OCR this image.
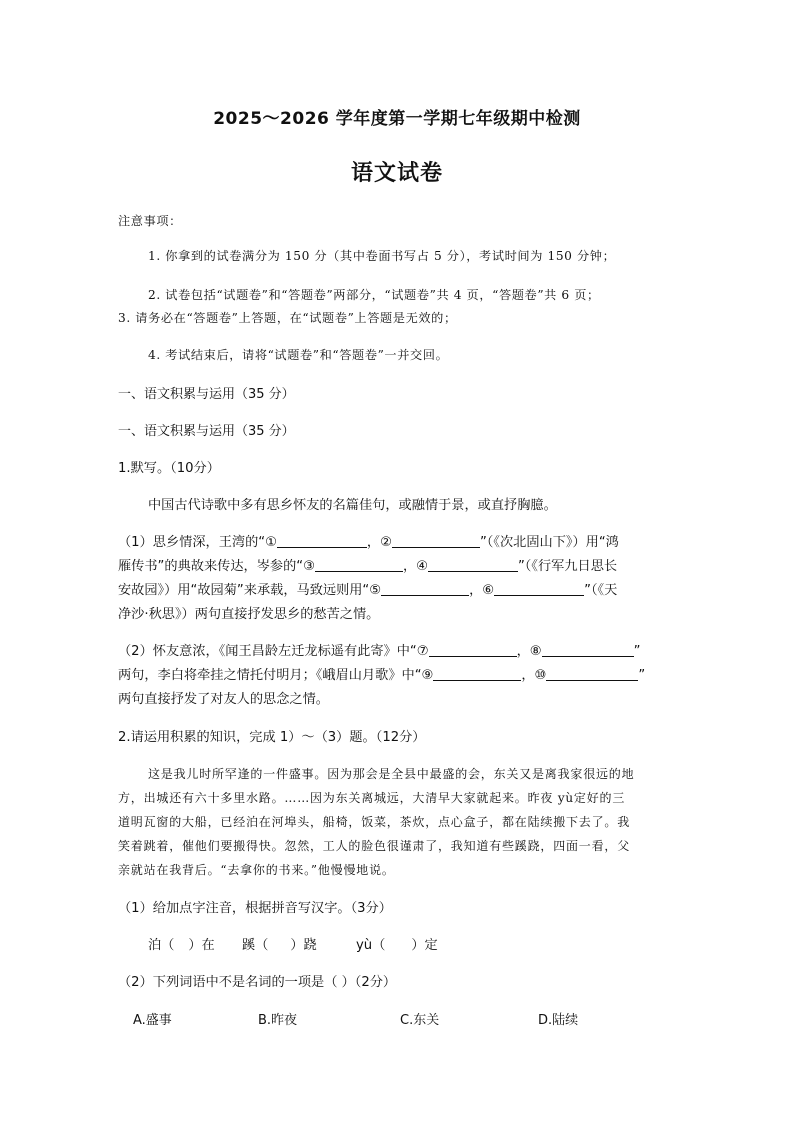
2025～2026 学年度第一学期七年级期中检测
语文试卷
注意事项：
1. 你拿到的试卷满分为 150 分（其中卷面书写占 5 分），考试时间为 150 分钟；
2. 试卷包括“试题卷”和“答题卷”两部分，“试题卷”共 4 页，“答题卷”共 6 页；
3. 请务必在“答题卷”上答题，在“试题卷”上答题是无效的；
4. 考试结束后，请将“试题卷”和“答题卷”一并交回。
一、语文积累与运用（35 分）
一、语文积累与运用（35 分）
1.默写。（10分）
中国古代诗歌中多有思乡怀友的名篇佳句，或融情于景，或直抒胸臆。
（1）思乡情深，王湾的“①	，②	”（《次北固山下》）用“鸿
雁传书”的典故来传达，岑参的“③	，④	”（《行军九日思长
安故园》）用“故园菊”来承载，马致远则用“⑤	，⑥	”（《天
净沙·秋思》）两句直接抒发思乡的愁苦之情。
（2）怀友意浓，《闻王昌龄左迁龙标遥有此寄》中“⑦	，⑧	”
两句，李白将牵挂之情托付明月；《峨眉山月歌》中“⑨	，⑩	”
两句直接抒发了对友人的思念之情。
2.请运用积累的知识，完成 1）～（3）题。（12分）
这是我儿时所罕逢的一件盛事。因为那会是全县中最盛的会，东关又是离我家很远的地
方，出城还有六十多里水路。……因为东关离城远，大清早大家就起来。昨夜 yù定好的三
道明瓦窗的大船，已经泊在河埠头，船椅，饭菜，茶炊，点心盒子，都在陆续搬下去了。我
笑着跳着，催他们要搬得快。忽然，工人的脸色很谨肃了，我知道有些蹊跷，四面一看，父
亲就站在我背后。“去拿你的书来。”他慢慢地说。
（1）给加点字注音，根据拼音写汉字。（3分）
泊（ ）在 蹊（ ）跷	yù（ ）定
（2）下列词语中不是名词的一项是（ ）（2分）
A.盛事	B.昨夜	C.东关	D.陆续
